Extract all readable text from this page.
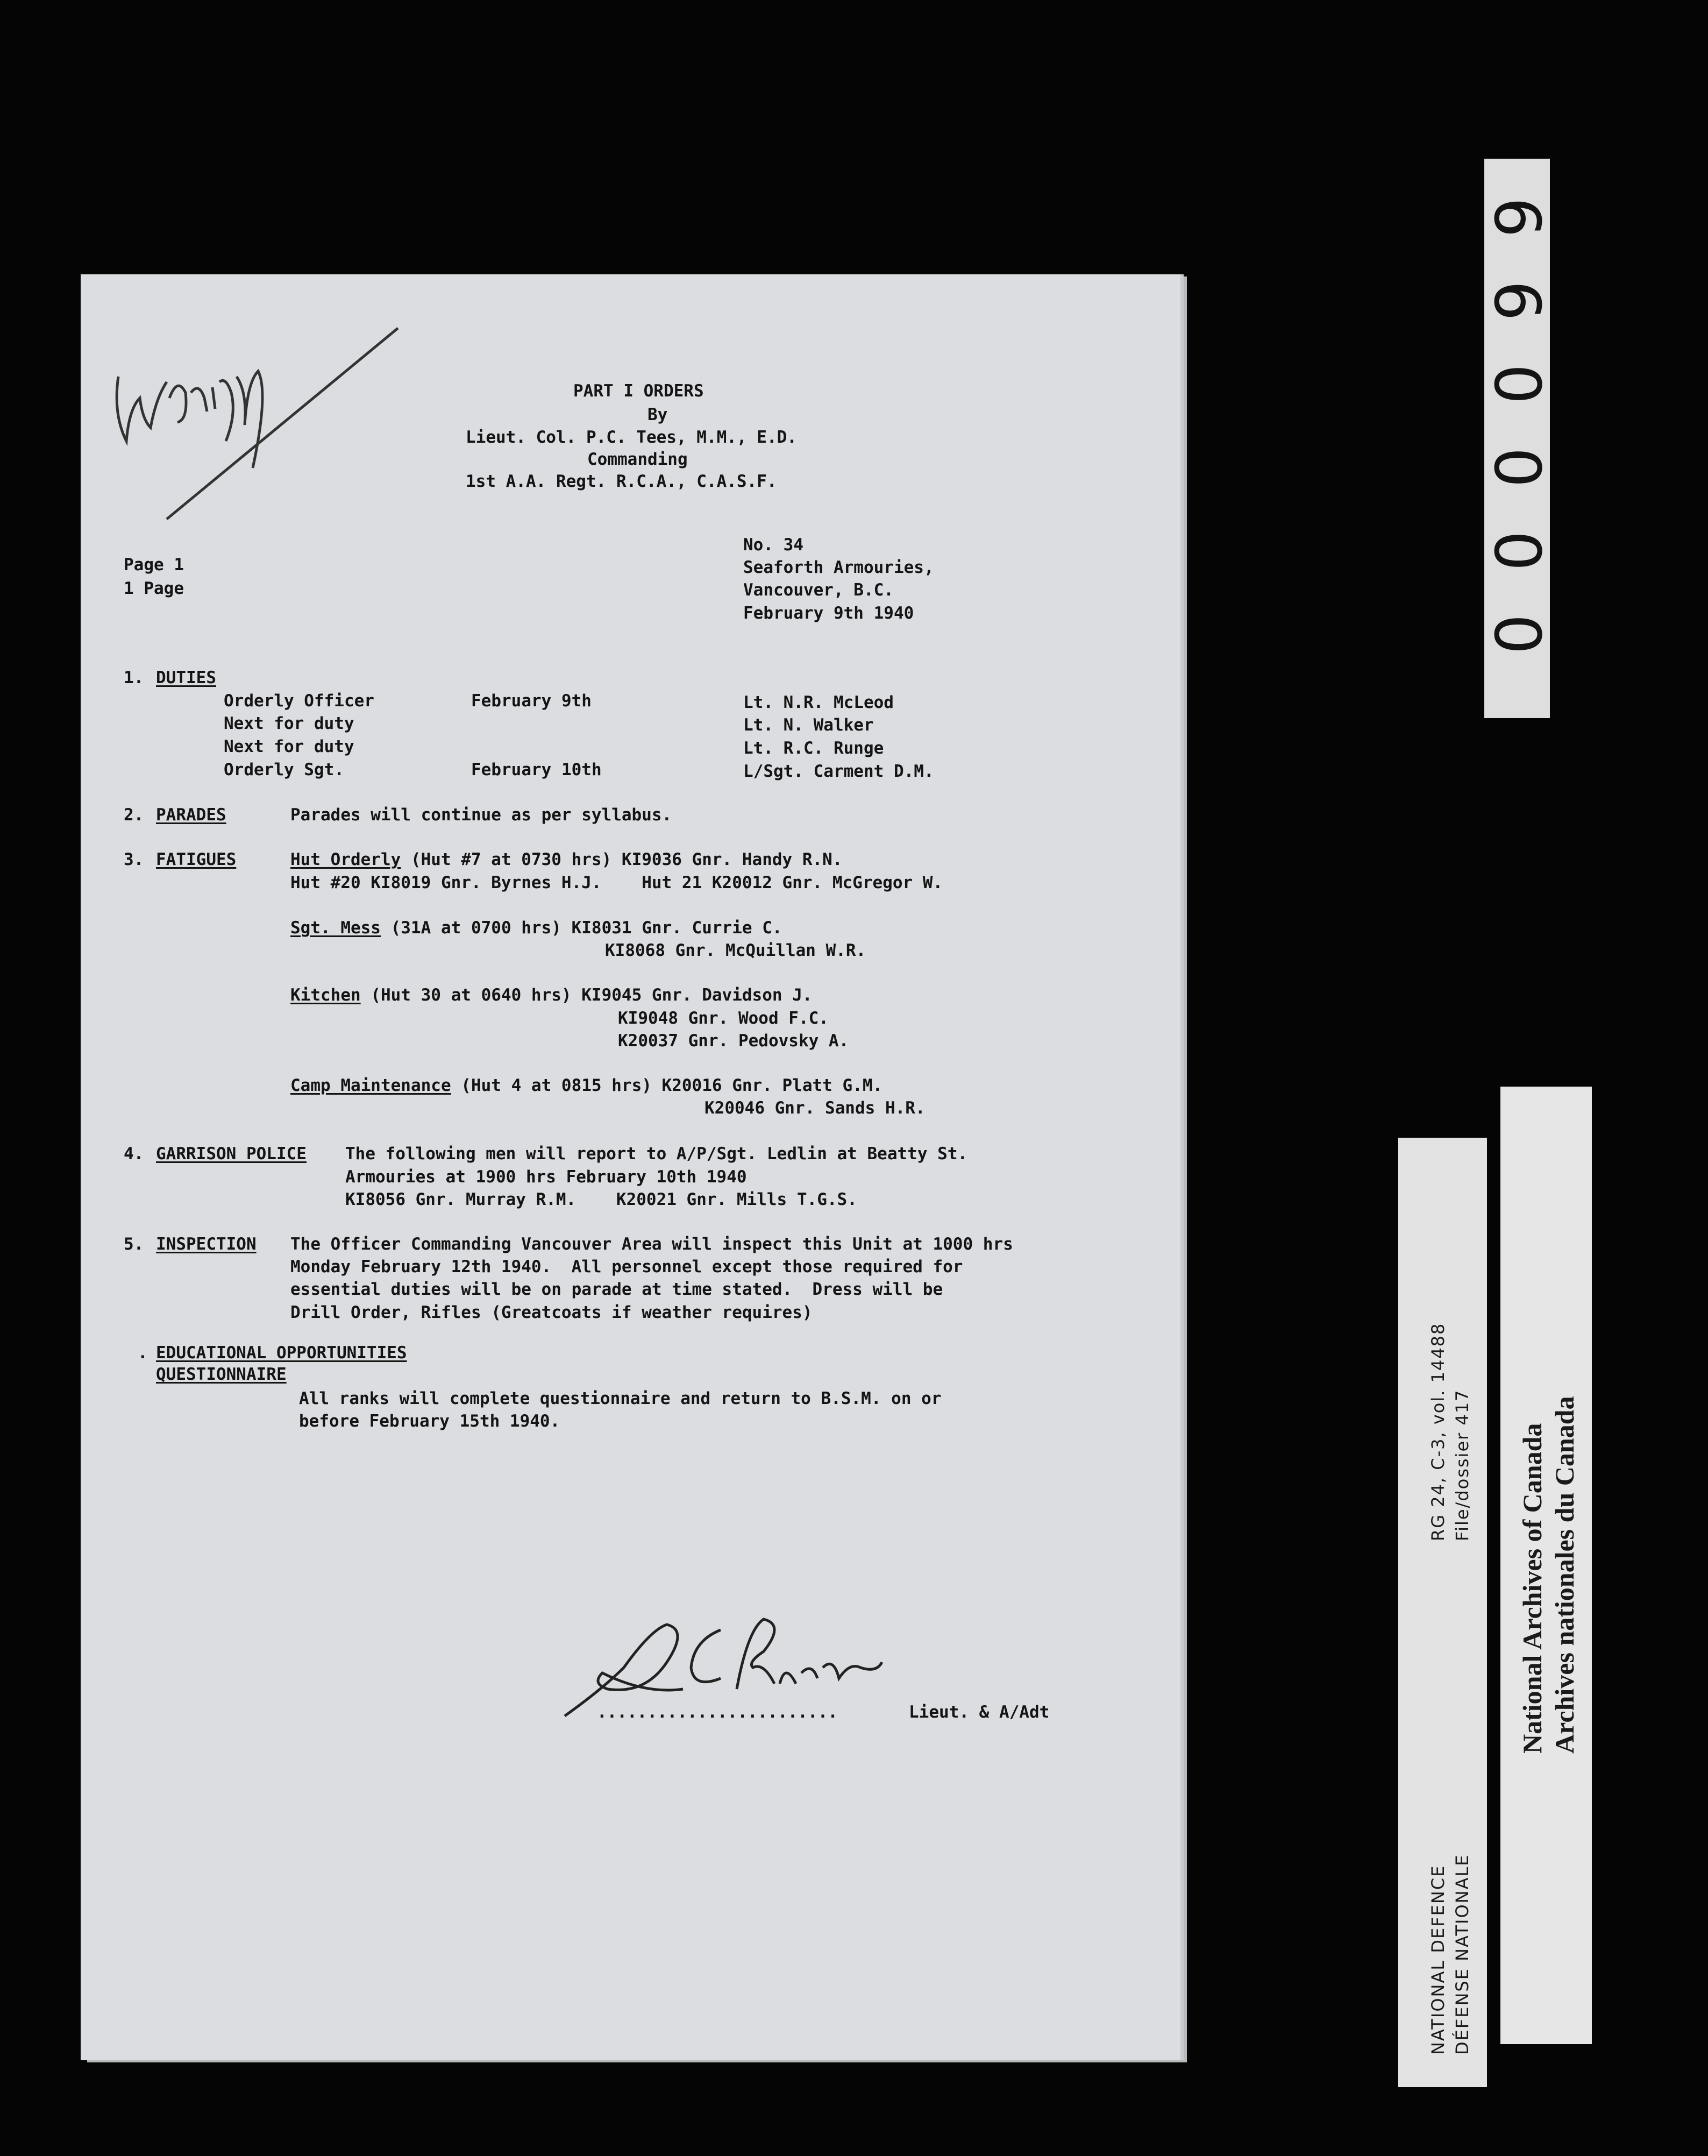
PART I ORDERS
By
Lieut. Col. P.C. Tees, M.M., E.D.
Commanding
1st A.A. Regt. R.C.A., C.A.S.F.
Page 1
1 Page
No. 34
Seaforth Armouries,
Vancouver, B.C.
February 9th 1940
1. DUTIES
Orderly Officer	February 9th	Lt. N.R. McLeod
Next for duty	Lt. N. Walker
Next for duty	Lt. R.C. Runge
Orderly Sgt.	February 10th	L/Sgt. Carment D.M.
2. PARADES	Parades will continue as per syllabus.
3. FATIGUES	Hut Orderly (Hut #7 at 0730 hrs) KI9036 Gnr. Handy R.N.
Hut #20 KI8019 Gnr. Byrnes H.J.    Hut 21 K20012 Gnr. McGregor W.
Sgt. Mess (31A at 0700 hrs) KI8031 Gnr. Currie C.
KI8068 Gnr. McQuillan W.R.
Kitchen (Hut 30 at 0640 hrs) KI9045 Gnr. Davidson J.
KI9048 Gnr. Wood F.C.
K20037 Gnr. Pedovsky A.
Camp Maintenance (Hut 4 at 0815 hrs) K20016 Gnr. Platt G.M.
K20046 Gnr. Sands H.R.
4. GARRISON POLICE The following men will report to A/P/Sgt. Ledlin at Beatty St.
Armouries at 1900 hrs February 10th 1940
KI8056 Gnr. Murray R.M.    K20021 Gnr. Mills T.G.S.
5. INSPECTION The Officer Commanding Vancouver Area will inspect this Unit at 1000 hrs
Monday February 12th 1940.  All personnel except those required for
essential duties will be on parade at time stated.  Dress will be
Drill Order, Rifles (Greatcoats if weather requires)
. EDUCATIONAL OPPORTUNITIES
QUESTIONNAIRE
All ranks will complete questionnaire and return to B.S.M. on or
before February 15th 1940.
........................	Lieut. & A/Adt
6
6
0
0
0
0
RG 24, C-3, vol. 14488 File/dossier 417
NATIONAL DEFENCE DÉFENSE NATIONALE
National Archives of Canada Archives nationales du Canada
